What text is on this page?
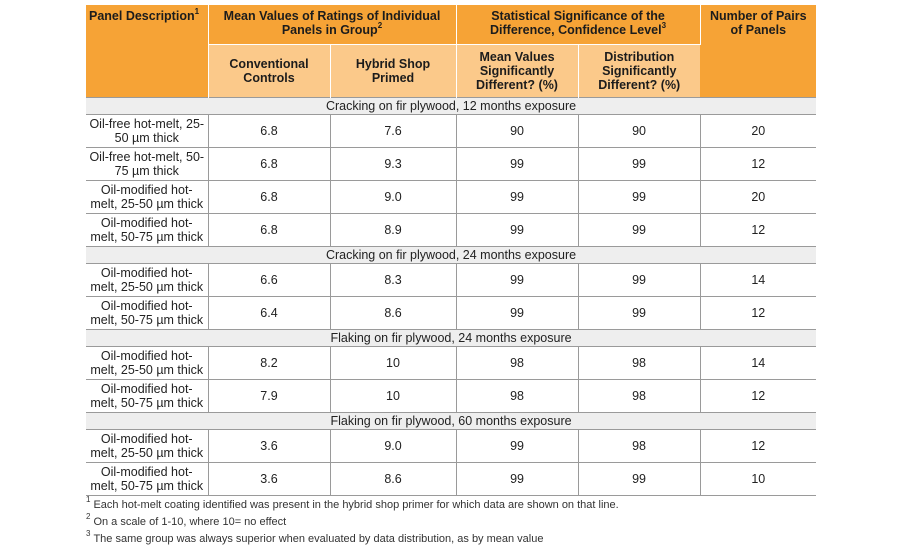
Panel Description$^1$	Mean Values of Ratings of Individual Panels in Group$^2$		Statistical Significance of the Difference, Confidence Level$^3$		Number of Pairs of Panels
	Conventional Controls	Hybrid Shop Primed	Mean Values Significantly Different? (%)	Distribution Significantly Different? (%)	
Cracking on fir plywood, 12 months exposure					
Oil-free hot-melt, 25-50 µm thick	6.8	7.6	90	90	20
Oil-free hot-melt, 50-75 µm thick	6.8	9.3	99	99	12
Oil-modified hot-melt, 25-50 µm thick	6.8	9.0	99	99	20
Oil-modified hot-melt, 50-75 µm thick	6.8	8.9	99	99	12
Cracking on fir plywood, 24 months exposure					
Oil-modified hot-melt, 25-50 µm thick	6.6	8.3	99	99	14
Oil-modified hot-melt, 50-75 µm thick	6.4	8.6	99	99	12
Flaking on fir plywood, 24 months exposure					
Oil-modified hot-melt, 25-50 µm thick	8.2	10	98	98	14
Oil-modified hot-melt, 50-75 µm thick	7.9	10	98	98	12
Flaking on fir plywood, 60 months exposure					
Oil-modified hot-melt, 25-50 µm thick	3.6	9.0	99	98	12
Oil-modified hot-melt, 50-75 µm thick	3.6	8.6	99	99	10
$^1$ Each hot-melt coating identified was present in the hybrid shop primer for which data are shown on that line.
$^2$ On a scale of 1-10, where 10= no effect
$^3$ The same group was always superior when evaluated by data distribution, as by mean value
